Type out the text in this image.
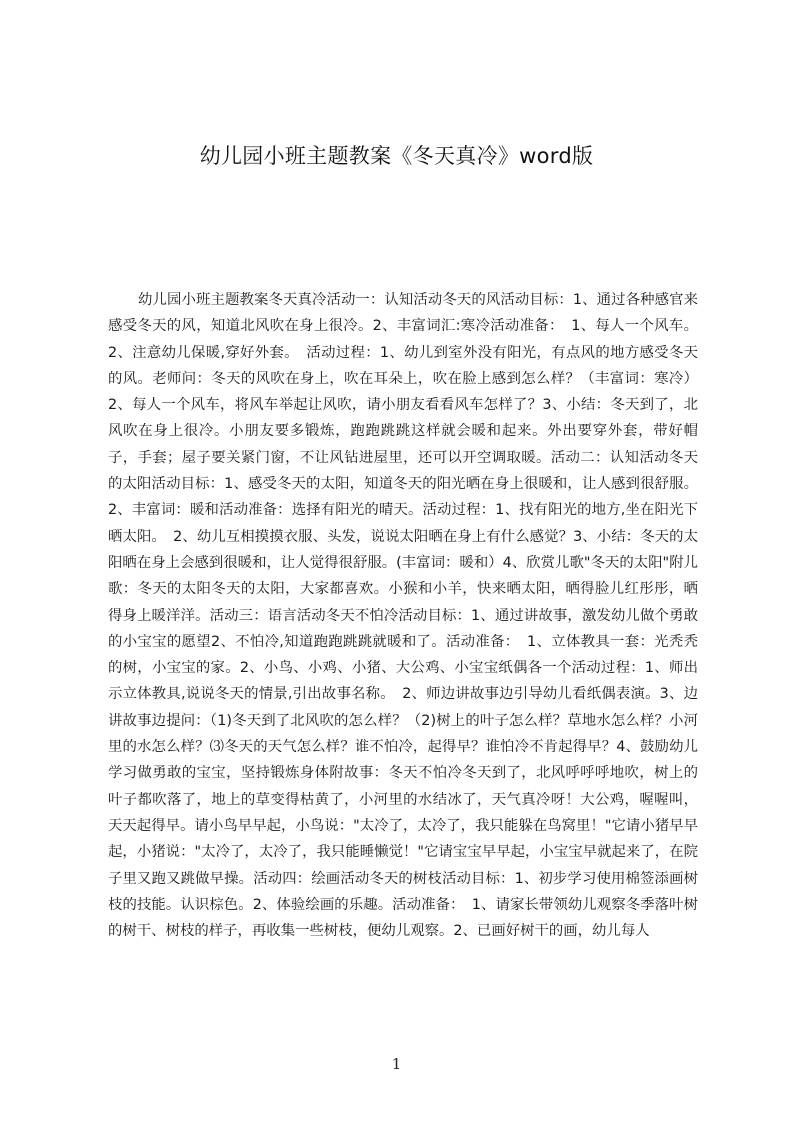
幼儿园小班主题教案《冬天真冷》word版

幼儿园小班主题教案冬天真冷活动一：认知活动冬天的风活动目标：1、通过各种感官来感受冬天的风，知道北风吹在身上很冷。2、丰富词汇:寒冷活动准备：　1、每人一个风车。2、注意幼儿保暖,穿好外套。　活动过程：1、幼儿到室外没有阳光，有点风的地方感受冬天的风。老师问：冬天的风吹在身上，吹在耳朵上，吹在脸上感到怎么样？（丰富词：寒冷）2、每人一个风车，将风车举起让风吹，请小朋友看看风车怎样了？3、小结：冬天到了，北风吹在身上很冷。小朋友要多锻炼，跑跑跳跳这样就会暖和起来。外出要穿外套，带好帽子，手套；屋子要关紧门窗，不让风钻进屋里，还可以开空调取暖。活动二：认知活动冬天的太阳活动目标：1、感受冬天的太阳，知道冬天的阳光晒在身上很暖和，让人感到很舒服。2、丰富词：暖和活动准备：选择有阳光的晴天。活动过程：1、找有阳光的地方,坐在阳光下晒太阳。　2、幼儿互相摸摸衣服、头发，说说太阳晒在身上有什么感觉？3、小结：冬天的太阳晒在身上会感到很暖和，让人觉得很舒服。(丰富词：暖和）4、欣赏儿歌"冬天的太阳"附儿歌：冬天的太阳冬天的太阳，大家都喜欢。小猴和小羊，快来晒太阳，晒得脸儿红彤彤，晒得身上暖洋洋。活动三：语言活动冬天不怕冷活动目标：1、通过讲故事，激发幼儿做个勇敢的小宝宝的愿望2、不怕冷,知道跑跑跳跳就暖和了。活动准备：　1、立体教具一套：光秃秃的树，小宝宝的家。2、小鸟、小鸡、小猪、大公鸡、小宝宝纸偶各一个活动过程：1、师出示立体教具,说说冬天的情景,引出故事名称。　2、师边讲故事边引导幼儿看纸偶表演。3、边讲故事边提问：（1)冬天到了北风吹的怎么样？（2)树上的叶子怎么样？草地水怎么样？小河里的水怎么样？⑶冬天的天气怎么样？谁不怕冷，起得早？谁怕冷不肯起得早？4、鼓励幼儿学习做勇敢的宝宝，坚持锻炼身体附故事：冬天不怕冷冬天到了，北风呼呼呼地吹，树上的叶子都吹落了，地上的草变得枯黄了，小河里的水结冰了，天气真冷呀！大公鸡，喔喔叫，天天起得早。请小鸟早早起，小鸟说："太冷了，太冷了，我只能躲在鸟窝里！"它请小猪早早起，小猪说："太冷了，太冷了，我只能睡懒觉！"它请宝宝早早起，小宝宝早就起来了，在院子里又跑又跳做早操。活动四：绘画活动冬天的树枝活动目标：1、初步学习使用棉签添画树枝的技能。认识棕色。2、体验绘画的乐趣。活动准备：　1、请家长带领幼儿观察冬季落叶树的树干、树枝的样子，再收集一些树枝，便幼儿观察。2、已画好树干的画，幼儿每人

1
